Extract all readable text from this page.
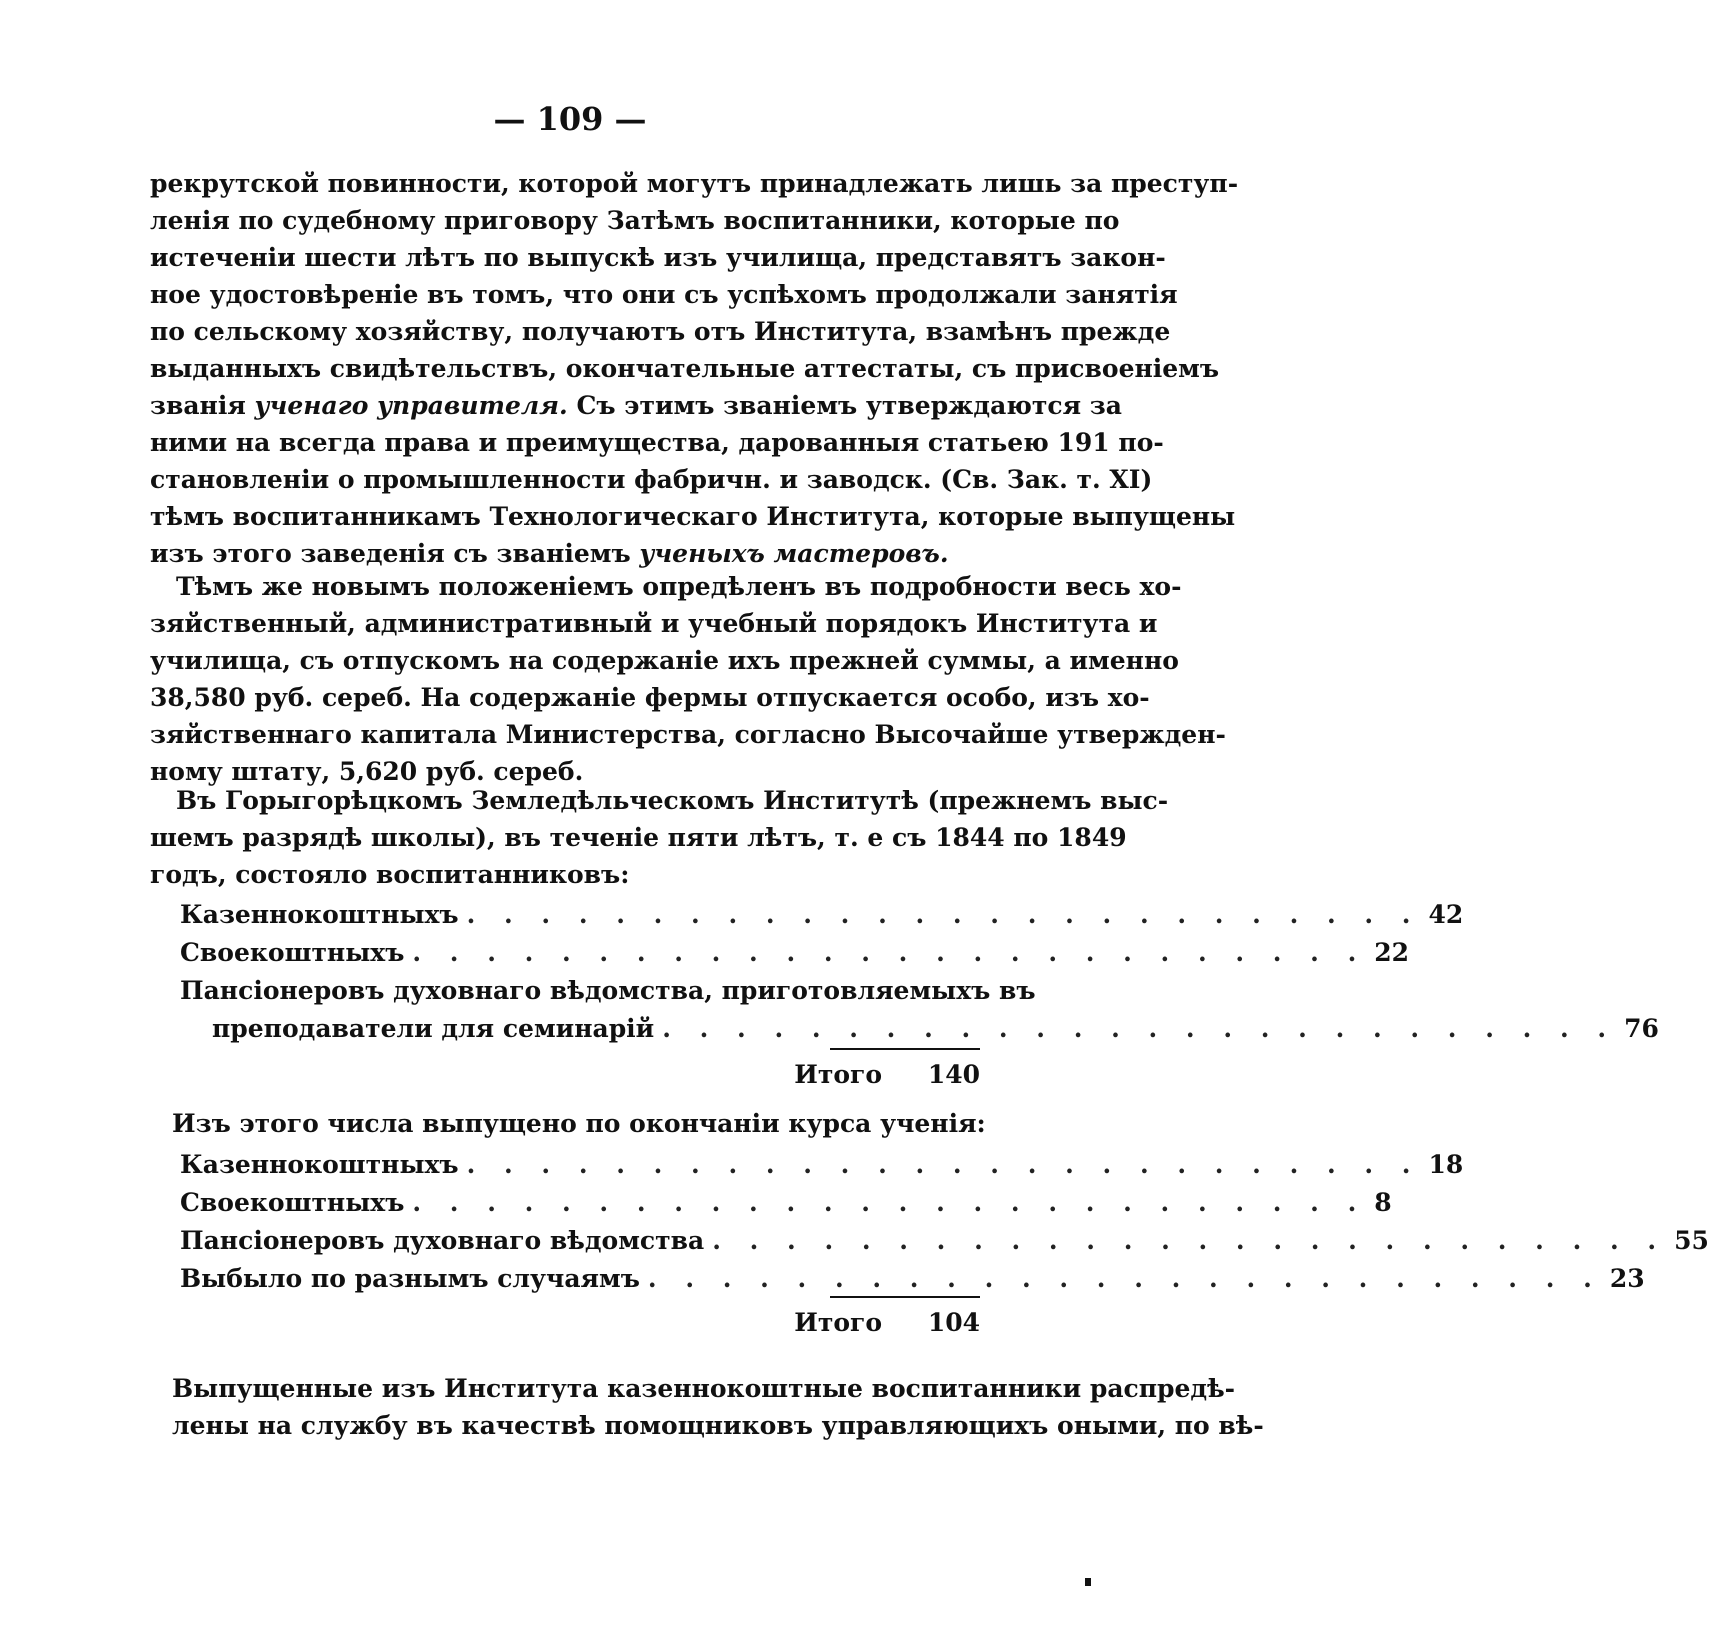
— 109 —
рекрутской повинности, которой могутъ принадлежать лишь за преступ-
ленія по судебному приговору Затѣмъ воспитанники, которые по
истеченіи шести лѣтъ по выпускѣ изъ училища, представятъ закон-
ное удостовѣреніе въ томъ, что они съ успѣхомъ продолжали занятія
по сельскому хозяйству, получаютъ отъ Института, взамѣнъ прежде
выданныхъ свидѣтельствъ, окончательные аттестаты, съ присвоеніемъ
званія ученаго управителя. Съ этимъ званіемъ утверждаются за
ними на всегда права и преимущества, дарованныя статьею 191 по-
становленіи о промышленности фабричн. и заводск. (Св. Зак. т. XI)
тѣмъ воспитанникамъ Технологическаго Института, которые выпущены
изъ этого заведенія съ званіемъ ученыхъ мастеровъ.
Тѣмъ же новымъ положеніемъ опредѣленъ въ подробности весь хо-
зяйственный, административный и учебный порядокъ Института и
училища, съ отпускомъ на содержаніе ихъ прежней суммы, а именно
38,580 руб. сереб. На содержаніе фермы отпускается особо, изъ хо-
зяйственнаго капитала Министерства, согласно Высочайше утвержден-
ному штату, 5,620 руб. сереб.
Въ Горыгорѣцкомъ Земледѣльческомъ Институтѣ (прежнемъ выс-
шемъ разрядѣ школы), въ теченіе пяти лѣтъ, т. е съ 1844 по 1849
годъ, состояло воспитанниковъ:
Казеннокоштныхъ . . . . . . . . . . . . . . . . . . . . . . . . . . 42
Своекоштныхъ . . . . . . . . . . . . . . . . . . . . . . . . . . 22
Пансіонеровъ духовнаго вѣдомства, приготовляемыхъ въ
преподаватели для семинарій . . . . . . . . . . . . . . . . . . . . . . . . . . 76
Итого	140
Изъ этого числа выпущено по окончаніи курса ученія:
Казеннокоштныхъ . . . . . . . . . . . . . . . . . . . . . . . . . . 18
Своекоштныхъ . . . . . . . . . . . . . . . . . . . . . . . . . . 8
Пансіонеровъ духовнаго вѣдомства . . . . . . . . . . . . . . . . . . . . . . . . . . 55
Выбыло по разнымъ случаямъ . . . . . . . . . . . . . . . . . . . . . . . . . . 23
Итого	104
Выпущенные изъ Института казеннокоштные воспитанники распредѣ-
лены на службу въ качествѣ помощниковъ управляющихъ оными, по вѣ-
